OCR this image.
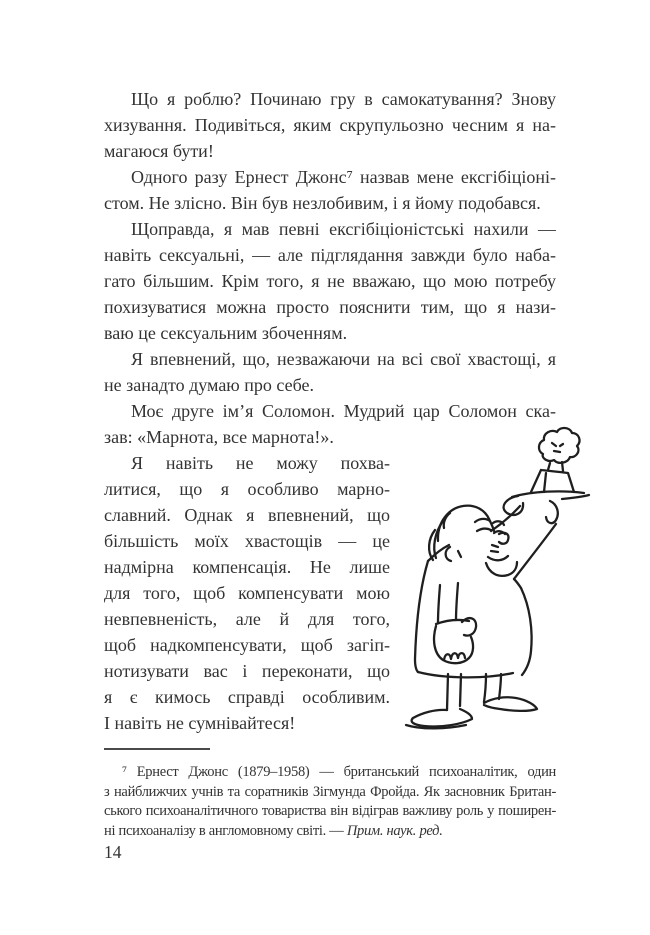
Що я роблю? Починаю гру в самокатування? Знову
хизування. Подивіться, яким скрупульозно чесним я на-
магаюся бути!
Одного разу Ернест Джонс⁷ назвав мене ексгібіціоні-
стом. Не злісно. Він був незлобивим, і я йому подобався.
Щоправда, я мав певні ексгібіціоністські нахили —
навіть сексуальні, — але підглядання завжди було наба-
гато більшим. Крім того, я не вважаю, що мою потребу
похизуватися можна просто пояснити тим, що я нази-
ваю це сексуальним збоченням.
Я впевнений, що, незважаючи на всі свої хвастощі, я
не занадто думаю про себе.
Моє друге ім’я Соломон. Мудрий цар Соломон ска-
зав: «Марнота, все марнота!».
Я навіть не можу похва-
литися, що я особливо марно-
славний. Однак я впевнений, що
більшість моїх хвастощів — це
надмірна компенсація. Не лише
для того, щоб компенсувати мою
невпевненість, але й для того,
щоб надкомпенсувати, щоб загіп-
нотизувати вас і переконати, що
я є кимось справді особливим.
І навіть не сумнівайтеся!
⁷ Ернест Джонс (1879–1958) — британський психоаналітик, один
з найближчих учнів та соратників Зігмунда Фройда. Як засновник Британ-
ського психоаналітичного товариства він відіграв важливу роль у поширен-
ні психоаналізу в англомовному світі. — Прим. наук. ред.
14
